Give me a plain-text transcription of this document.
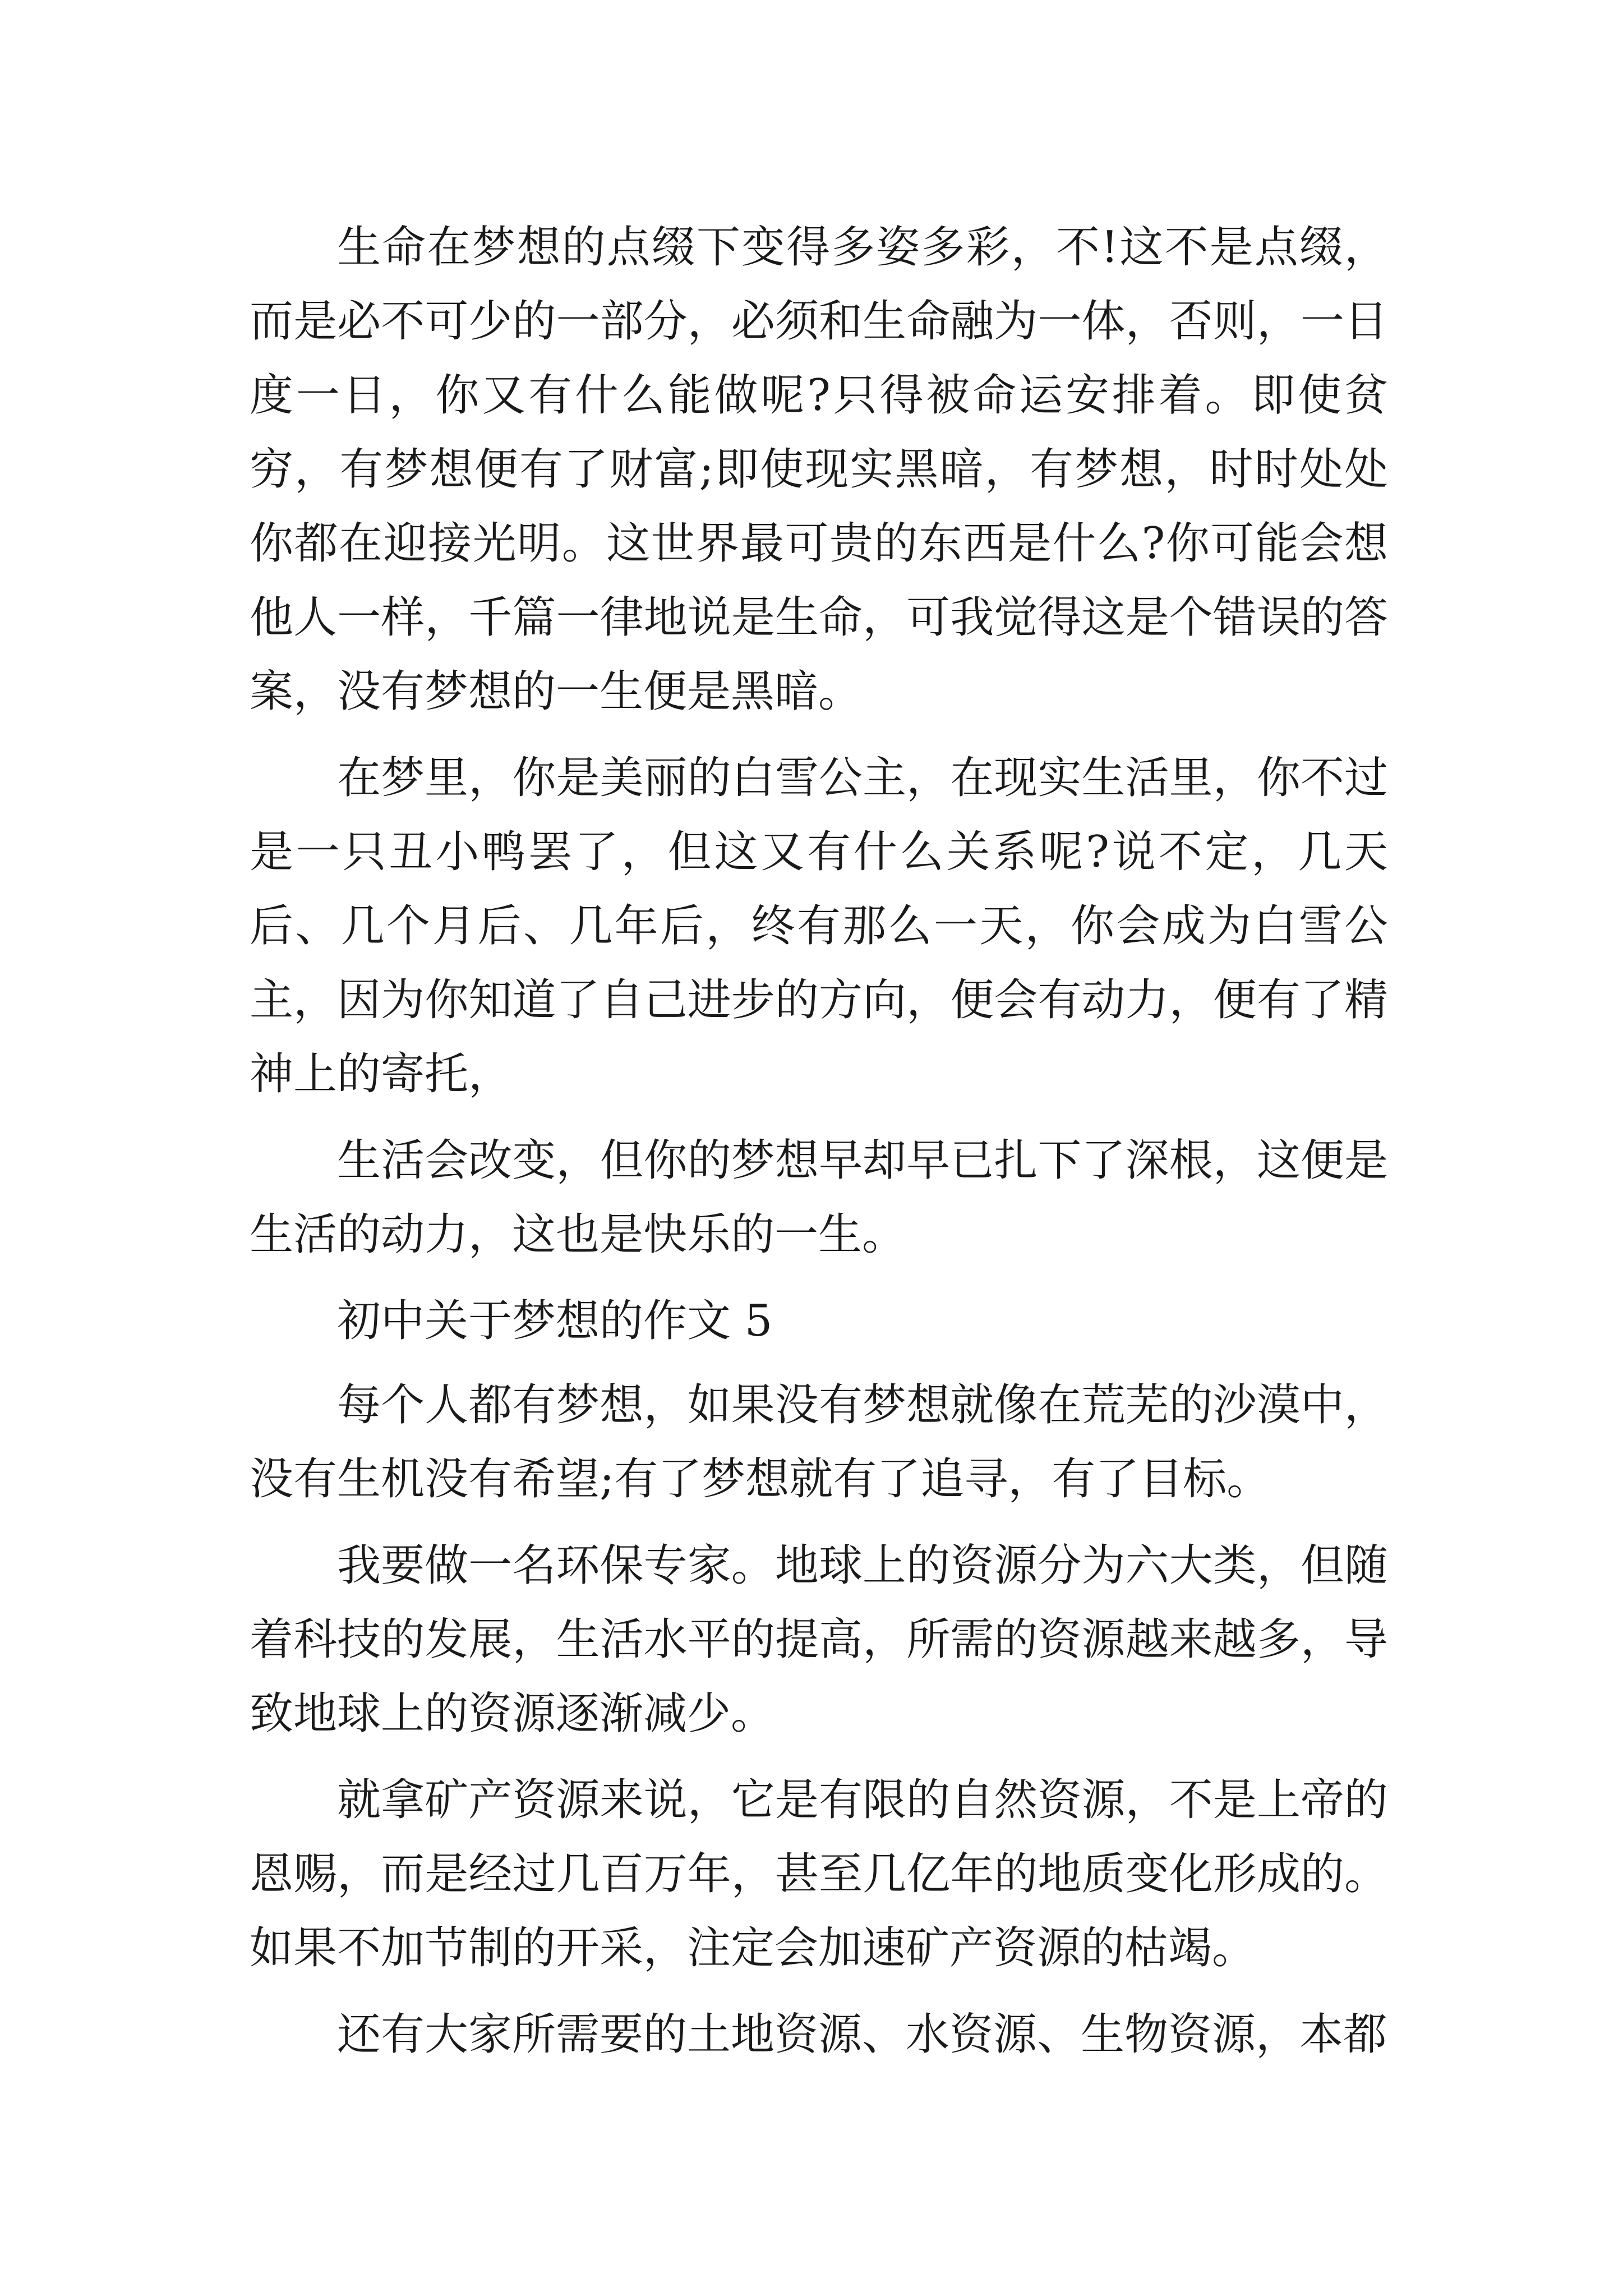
生命在梦想的点缀下变得多姿多彩，不!这不是点缀，而是必不可少的一部分，必须和生命融为一体，否则，一日度一日，你又有什么能做呢?只得被命运安排着。即使贫穷，有梦想便有了财富;即使现实黑暗，有梦想，时时处处你都在迎接光明。这世界最可贵的东西是什么?你可能会想他人一样，千篇一律地说是生命，可我觉得这是个错误的答案，没有梦想的一生便是黑暗。

在梦里，你是美丽的白雪公主，在现实生活里，你不过是一只丑小鸭罢了，但这又有什么关系呢?说不定，几天后、几个月后、几年后，终有那么一天，你会成为白雪公主，因为你知道了自己进步的方向，便会有动力，便有了精神上的寄托，

生活会改变，但你的梦想早却早已扎下了深根，这便是生活的动力，这也是快乐的一生。

初中关于梦想的作文 5

每个人都有梦想，如果没有梦想就像在荒芜的沙漠中，没有生机没有希望;有了梦想就有了追寻，有了目标。

我要做一名环保专家。地球上的资源分为六大类，但随着科技的发展，生活水平的提高，所需的资源越来越多，导致地球上的资源逐渐减少。

就拿矿产资源来说，它是有限的自然资源，不是上帝的恩赐，而是经过几百万年，甚至几亿年的地质变化形成的。如果不加节制的开采，注定会加速矿产资源的枯竭。

还有大家所需要的土地资源、水资源、生物资源，本都
